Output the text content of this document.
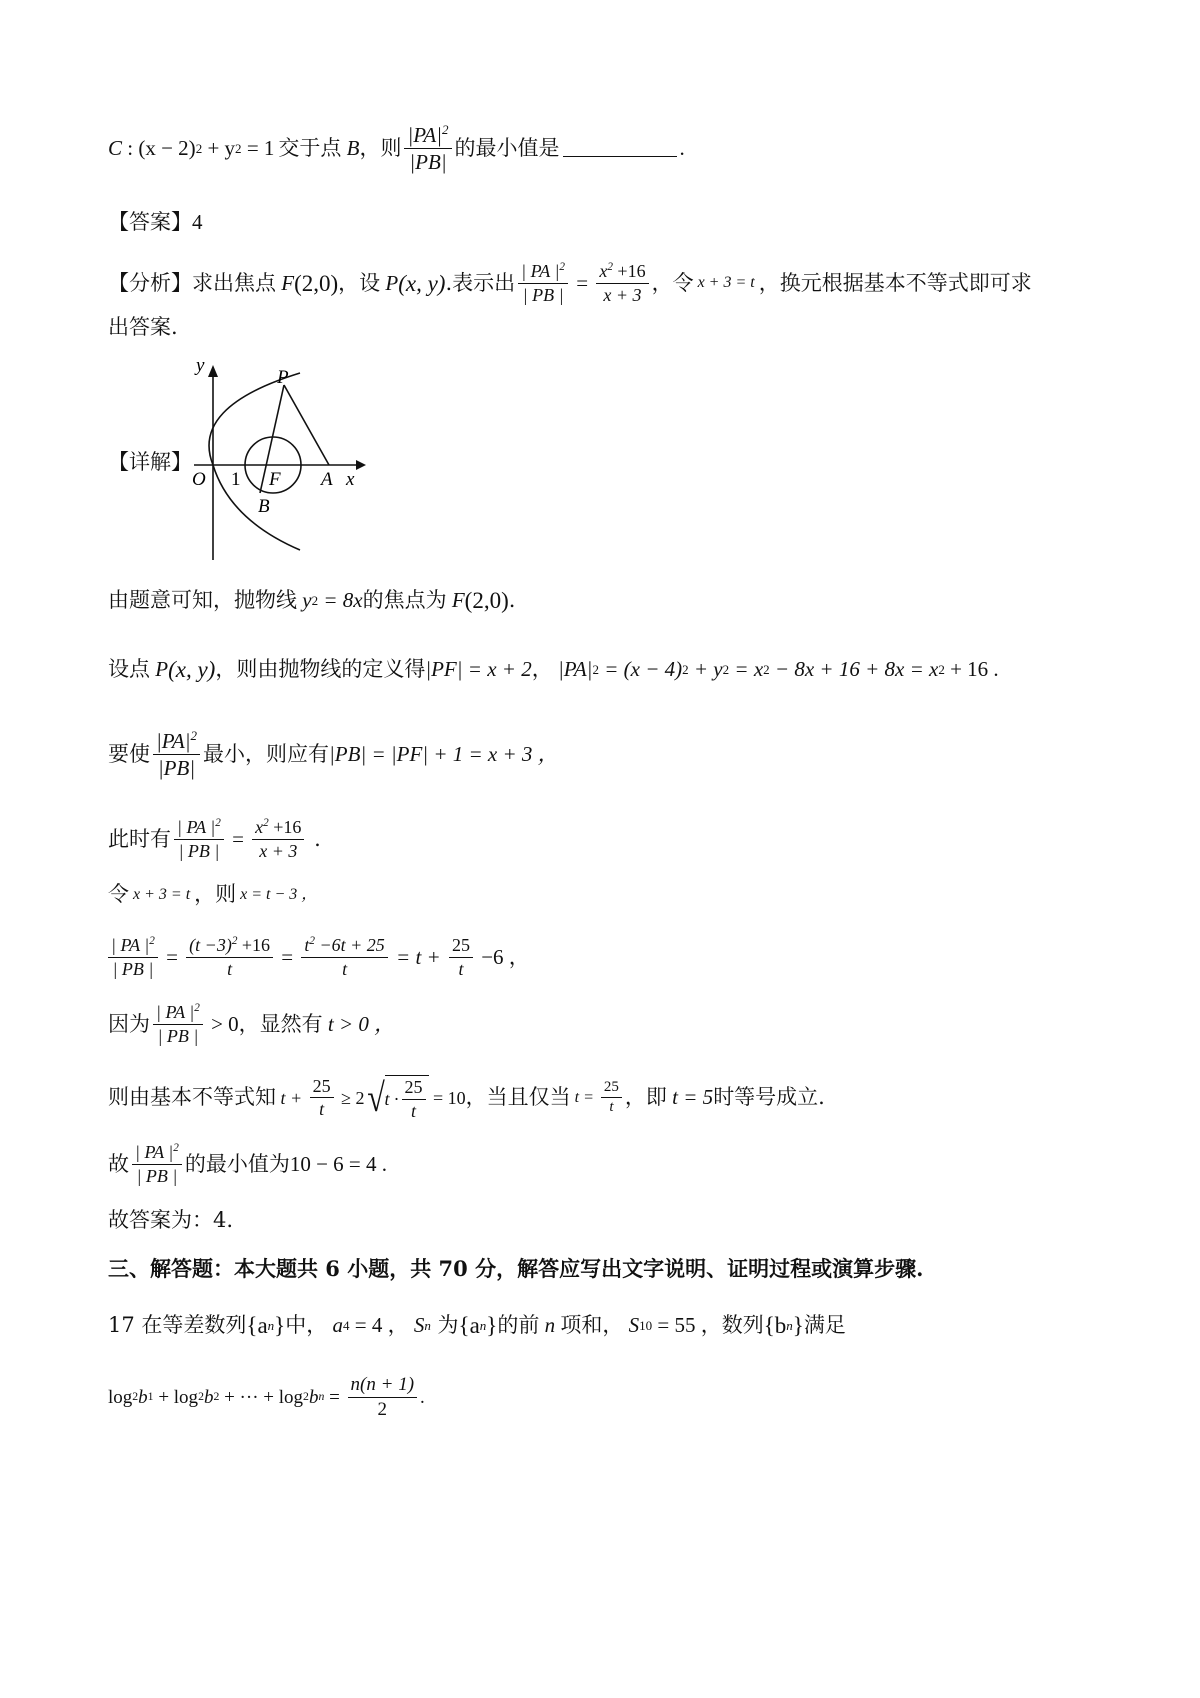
C : (x − 2) 2 + y 2 = 1 交于点 B ，则 $\frac{|PA|^2}{|PB|}$ 的最小值是	.
【答案】 4
【分析】 求出焦点 F (2,0) ，设 P (x, y) .表示出 $\frac{| PA |^2}{| PB |} = \frac{x^2 +16}{x + 3}$ ，令 x + 3 = t ，换元根据基本不等式即可求
出答案.
【详解】
y
x
O 1 F A
B
P
由题意可知，抛物线 y 2 = 8x 的焦点为 F (2,0) .
设点 P (x, y) ，则由抛物线的定义得 |PF| = x + 2 ， |PA| 2 = (x − 4) 2 + y 2 = x 2 − 8x + 16 + 8x = x 2 + 16 .
要使 $\frac{|PA|^2}{|PB|}$ 最小，则应有 |PB| = |PF| + 1 = x + 3 ，
此时有 $\frac{| PA |^2}{| PB |} = \frac{x^2 +16}{x + 3}$ .
令 x + 3 = t ，则 x = t − 3 ，
$\frac{| PA |^2}{| PB |} = \frac{(t -3)^2 +16}{t} = \frac{t^2 -6t + 25}{t} = t + \frac{25}{t} -6$ ，
因为 $\frac{| PA |^2}{| PB |} > 0$ ，显然有 t > 0 ，
则由基本不等式知 $t + \frac{25}{t} \ge 2$ √ $t \cdot \frac{25}{t} = 10$ ，当且仅当 $t = \frac{25}{t}$ ，即 t = 5 时等号成立.
故 $\frac{| PA |^2}{| PB |}$ 的最小值为 10 − 6 = 4 .
故答案为：4.
三、解答题：本大题共 6 小题，共 70 分，解答应写出文字说明、证明过程或演算步骤.
17 在等差数列 {a n } 中， a 4 = 4 ， S n 为 {a n } 的前 n 项和， S 10 = 55 ， 数列 {b n } 满足
log 2 b 1 + log 2 b 2 + ··· + log 2 b $n = \frac{n(n + 1)}{2}$ .
